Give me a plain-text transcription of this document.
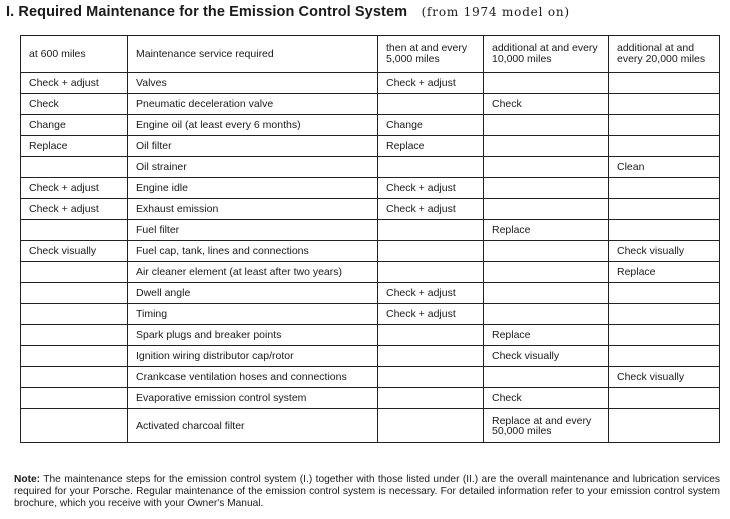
I. Required Maintenance for the Emission Control System (from 1974 model on)
at 600 miles	Maintenance service required	then at and every 5,000 miles	additional at and every 10,000 miles	additional at and every 20,000 miles
Check + adjust	Valves	Check + adjust		
Check	Pneumatic deceleration valve		Check	
Change	Engine oil (at least every 6 months)	Change		
Replace	Oil filter	Replace		
	Oil strainer			Clean
Check + adjust	Engine idle	Check + adjust		
Check + adjust	Exhaust emission	Check + adjust		
	Fuel filter		Replace	
Check visually	Fuel cap, tank, lines and connections			Check visually
	Air cleaner element (at least after two years)			Replace
	Dwell angle	Check + adjust		
	Timing	Check + adjust		
	Spark plugs and breaker points		Replace	
	Ignition wiring distributor cap/rotor		Check visually	
	Crankcase ventilation hoses and connections			Check visually
	Evaporative emission control system		Check	
	Activated charcoal filter		Replace at and every 50,000 miles	
Note: The maintenance steps for the emission control system (I.) together with those listed under (II.) are the overall maintenance and lubrication services required for your Porsche. Regular maintenance of the emission control system is necessary. For detailed information refer to your emission control system brochure, which you receive with your Owner's Manual.
